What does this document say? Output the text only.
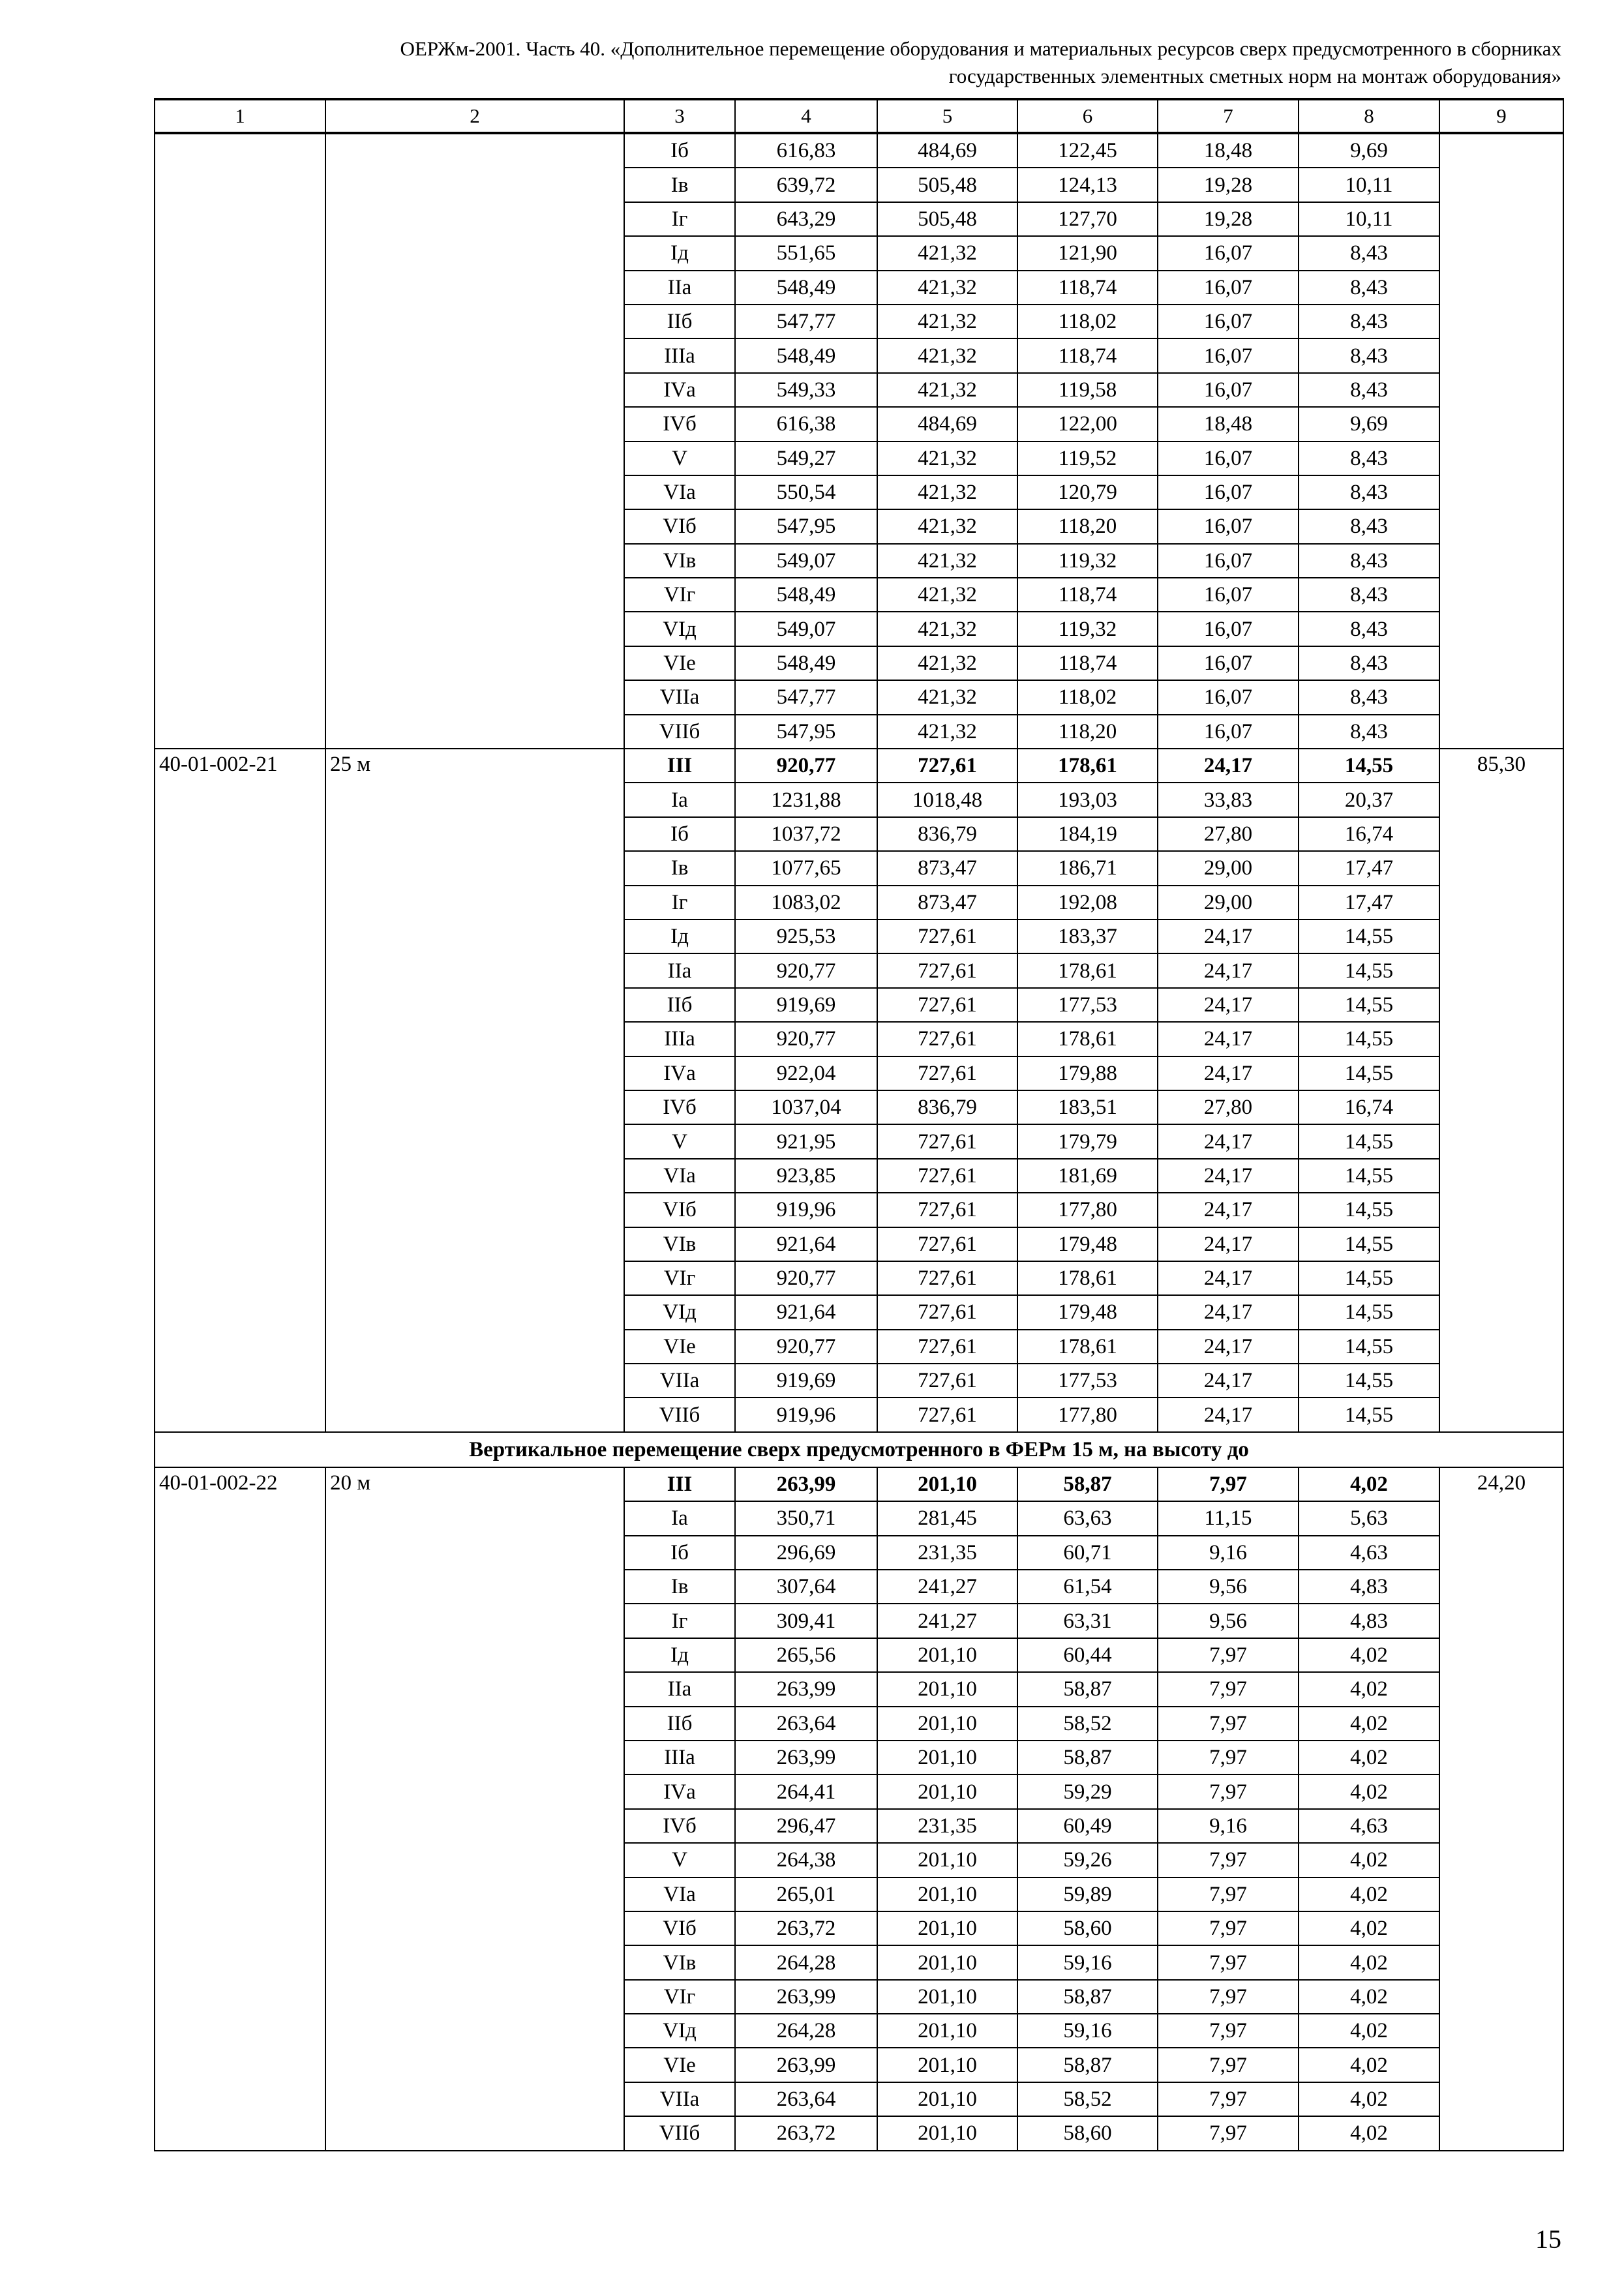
ОЕРЖм-2001. Часть 40. «Дополнительное перемещение оборудования и материальных ресурсов сверх предусмотренного в сборниках
государственных элементных сметных норм на монтаж оборудования»
1	2	3	4	5	6	7	8	9
		Iб	616,83	484,69	122,45	18,48	9,69	
		Iв	639,72	505,48	124,13	19,28	10,11	
		Iг	643,29	505,48	127,70	19,28	10,11	
		Iд	551,65	421,32	121,90	16,07	8,43	
		IIа	548,49	421,32	118,74	16,07	8,43	
		IIб	547,77	421,32	118,02	16,07	8,43	
		IIIа	548,49	421,32	118,74	16,07	8,43	
		IVа	549,33	421,32	119,58	16,07	8,43	
		IVб	616,38	484,69	122,00	18,48	9,69	
		V	549,27	421,32	119,52	16,07	8,43	
		VIа	550,54	421,32	120,79	16,07	8,43	
		VIб	547,95	421,32	118,20	16,07	8,43	
		VIв	549,07	421,32	119,32	16,07	8,43	
		VIг	548,49	421,32	118,74	16,07	8,43	
		VIд	549,07	421,32	119,32	16,07	8,43	
		VIе	548,49	421,32	118,74	16,07	8,43	
		VIIа	547,77	421,32	118,02	16,07	8,43	
		VIIб	547,95	421,32	118,20	16,07	8,43	
40-01-002-21	25 м	III	920,77	727,61	178,61	24,17	14,55	85,30
		Iа	1231,88	1018,48	193,03	33,83	20,37	
		Iб	1037,72	836,79	184,19	27,80	16,74	
		Iв	1077,65	873,47	186,71	29,00	17,47	
		Iг	1083,02	873,47	192,08	29,00	17,47	
		Iд	925,53	727,61	183,37	24,17	14,55	
		IIа	920,77	727,61	178,61	24,17	14,55	
		IIб	919,69	727,61	177,53	24,17	14,55	
		IIIа	920,77	727,61	178,61	24,17	14,55	
		IVа	922,04	727,61	179,88	24,17	14,55	
		IVб	1037,04	836,79	183,51	27,80	16,74	
		V	921,95	727,61	179,79	24,17	14,55	
		VIа	923,85	727,61	181,69	24,17	14,55	
		VIб	919,96	727,61	177,80	24,17	14,55	
		VIв	921,64	727,61	179,48	24,17	14,55	
		VIг	920,77	727,61	178,61	24,17	14,55	
		VIд	921,64	727,61	179,48	24,17	14,55	
		VIе	920,77	727,61	178,61	24,17	14,55	
		VIIа	919,69	727,61	177,53	24,17	14,55	
		VIIб	919,96	727,61	177,80	24,17	14,55	
Вертикальное перемещение сверх предусмотренного в ФЕРм 15 м, на высоту до								
40-01-002-22	20 м	III	263,99	201,10	58,87	7,97	4,02	24,20
		Iа	350,71	281,45	63,63	11,15	5,63	
		Iб	296,69	231,35	60,71	9,16	4,63	
		Iв	307,64	241,27	61,54	9,56	4,83	
		Iг	309,41	241,27	63,31	9,56	4,83	
		Iд	265,56	201,10	60,44	7,97	4,02	
		IIа	263,99	201,10	58,87	7,97	4,02	
		IIб	263,64	201,10	58,52	7,97	4,02	
		IIIа	263,99	201,10	58,87	7,97	4,02	
		IVа	264,41	201,10	59,29	7,97	4,02	
		IVб	296,47	231,35	60,49	9,16	4,63	
		V	264,38	201,10	59,26	7,97	4,02	
		VIа	265,01	201,10	59,89	7,97	4,02	
		VIб	263,72	201,10	58,60	7,97	4,02	
		VIв	264,28	201,10	59,16	7,97	4,02	
		VIг	263,99	201,10	58,87	7,97	4,02	
		VIд	264,28	201,10	59,16	7,97	4,02	
		VIе	263,99	201,10	58,87	7,97	4,02	
		VIIа	263,64	201,10	58,52	7,97	4,02	
		VIIб	263,72	201,10	58,60	7,97	4,02	
15
